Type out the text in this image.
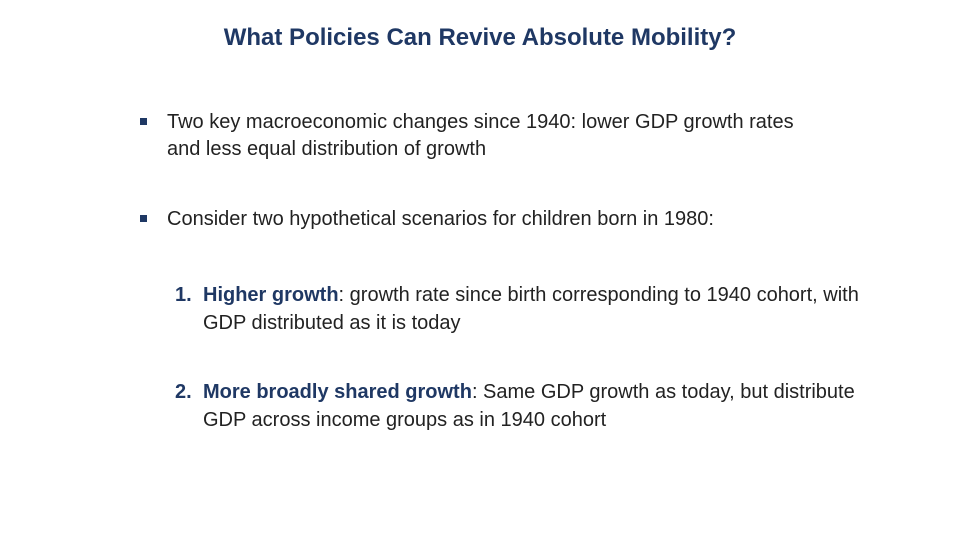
What Policies Can Revive Absolute Mobility?
Two key macroeconomic changes since 1940: lower GDP growth rates and less equal distribution of growth
Consider two hypothetical scenarios for children born in 1980:
1. Higher growth: growth rate since birth corresponding to 1940 cohort, with GDP distributed as it is today
2. More broadly shared growth: Same GDP growth as today, but distribute GDP across income groups as in 1940 cohort
